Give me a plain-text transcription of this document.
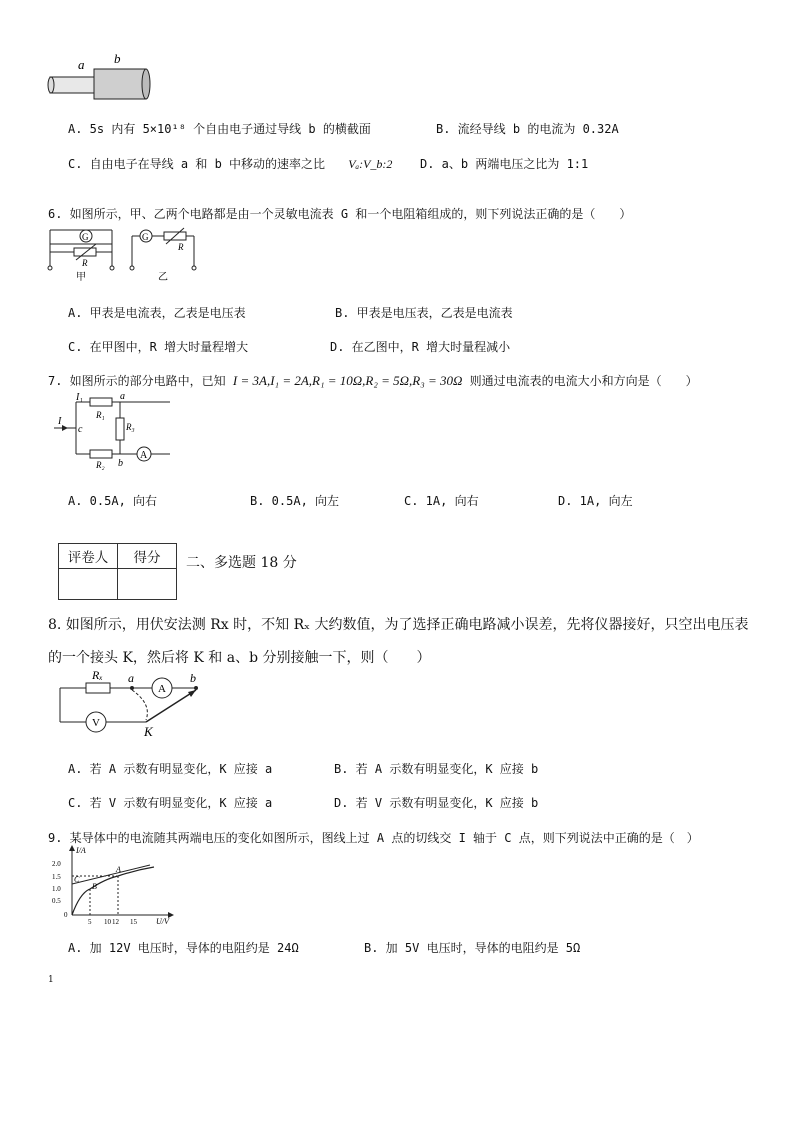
a b
A. 5s 内有 5×10¹⁸ 个自由电子通过导线 b 的横截面	B. 流经导线 b 的电流为 0.32A
C. 自由电子在导线 a 和 b 中移动的速率之比 Vₐ:V_b:2 D. a、b 两端电压之比为 1:1
6. 如图所示，甲、乙两个电路都是由一个灵敏电流表 G 和一个电阻箱组成的，则下列说法正确的是（　　）
G
R
甲
G
R
乙
A. 甲表是电流表，乙表是电压表	B. 甲表是电压表，乙表是电流表
C. 在甲图中，R 增大时量程增大	D. 在乙图中，R 增大时量程减小
7. 如图所示的部分电路中，已知 I = 3A,I₁ = 2A,R₁ = 10Ω,R₂ = 5Ω,R₃ = 30Ω 则通过电流表的电流大小和方向是（　　）
A
I₁
I
c
a
b
R₁
R₂
R₃
A. 0.5A, 向右	B. 0.5A, 向左	C. 1A, 向右	D. 1A, 向左
评卷人	得分
	二、多选题 18 分
8. 如图所示，用伏安法测 Rx 时，不知 Rₓ 大约数值，为了选择正确电路减小误差，先将仪器接好，只空出电压表
的一个接头 K，然后将 K 和 a、b 分别接触一下，则（　　）
Rₓ a	b
A
V
K
A. 若 A 示数有明显变化，K 应接 a	B. 若 A 示数有明显变化，K 应接 b
C. 若 V 示数有明显变化，K 应接 a	D. 若 V 示数有明显变化，K 应接 b
9. 某导体中的电流随其两端电压的变化如图所示，图线上过 A 点的切线交 I 轴于 C 点，则下列说法中正确的是（　）
I/A
U/V
2.0
1.5
1.0
0.5
0
5 10 12 15
A
B
C
A. 加 12V 电压时，导体的电阻约是 24Ω	B. 加 5V 电压时，导体的电阻约是 5Ω
1
